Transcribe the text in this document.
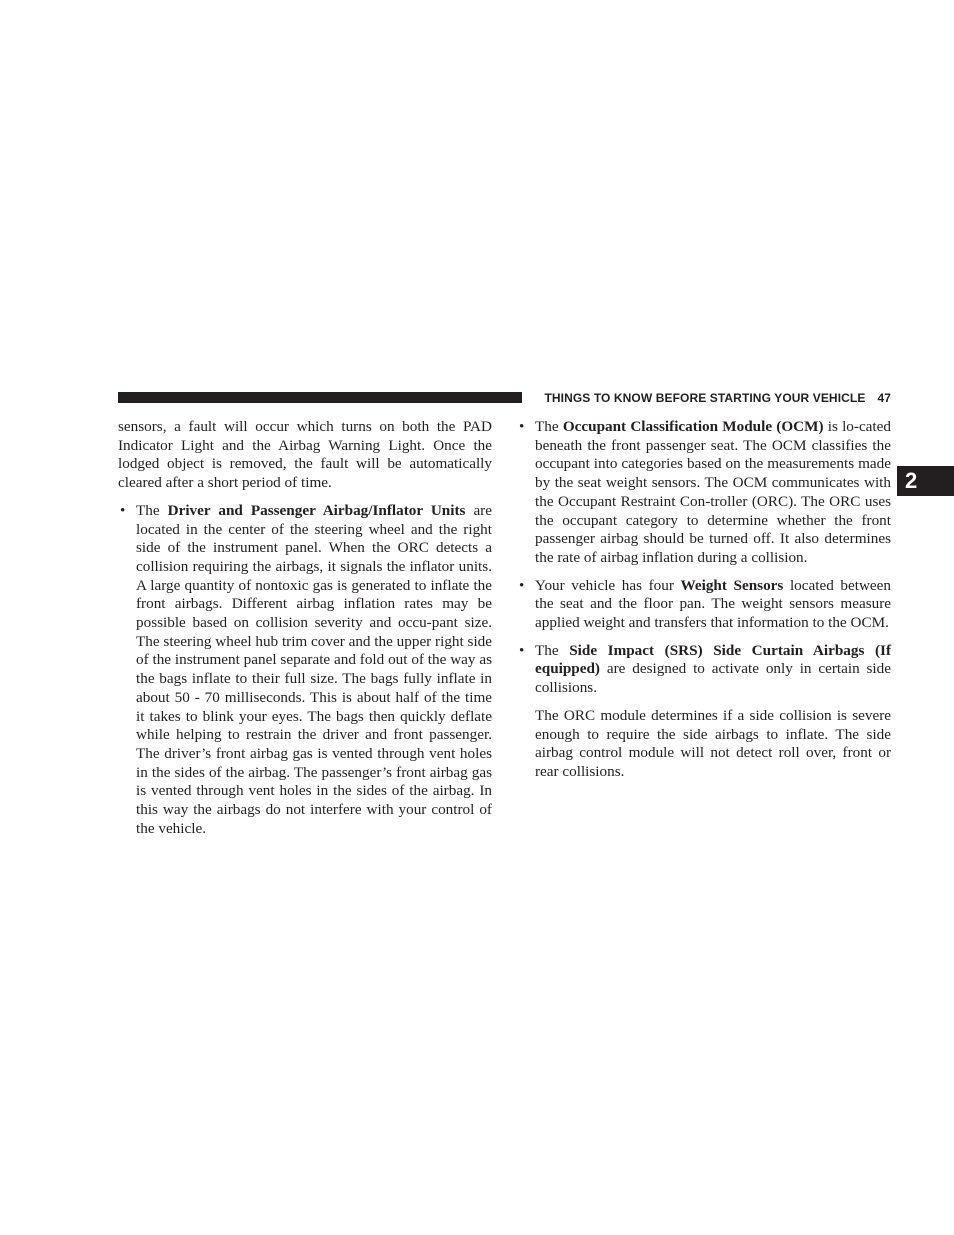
THINGS TO KNOW BEFORE STARTING YOUR VEHICLE 47
2

sensors, a fault will occur which turns on both the PAD Indicator Light and the Airbag Warning Light. Once the lodged object is removed, the fault will be automatically cleared after a short period of time.

• The Driver and Passenger Airbag/Inflator Units are located in the center of the steering wheel and the right side of the instrument panel. When the ORC detects a collision requiring the airbags, it signals the inflator units. A large quantity of nontoxic gas is generated to inflate the front airbags. Different airbag inflation rates may be possible based on collision severity and occu-pant size. The steering wheel hub trim cover and the upper right side of the instrument panel separate and fold out of the way as the bags inflate to their full size. The bags fully inflate in about 50 - 70 milliseconds. This is about half of the time it takes to blink your eyes. The bags then quickly deflate while helping to restrain the driver and front passenger. The driver’s front airbag gas is vented through vent holes in the sides of the airbag. The passenger’s front airbag gas is vented through vent holes in the sides of the airbag. In this way the airbags do not interfere with your control of the vehicle.

• The Occupant Classification Module (OCM) is lo-cated beneath the front passenger seat. The OCM classifies the occupant into categories based on the measurements made by the seat weight sensors. The OCM communicates with the Occupant Restraint Con-troller (ORC). The ORC uses the occupant category to determine whether the front passenger airbag should be turned off. It also determines the rate of airbag inflation during a collision.

• Your vehicle has four Weight Sensors located between the seat and the floor pan. The weight sensors measure applied weight and transfers that information to the OCM.

• The Side Impact (SRS) Side Curtain Airbags (If equipped) are designed to activate only in certain side collisions.

The ORC module determines if a side collision is severe enough to require the side airbags to inflate. The side airbag control module will not detect roll over, front or rear collisions.
